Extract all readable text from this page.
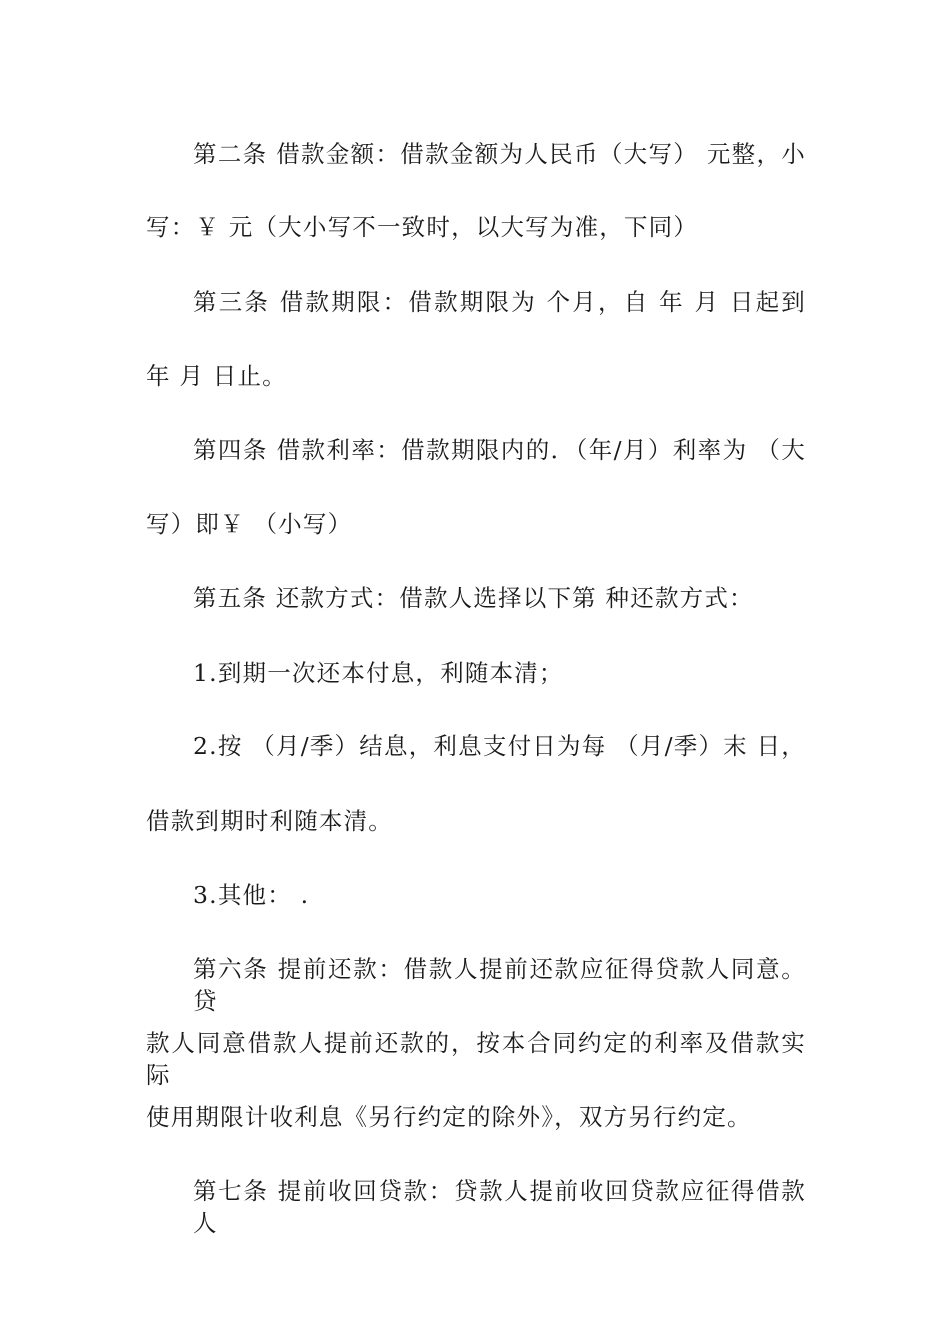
第二条 借款金额：借款金额为人民币（大写） 元整，小
写：￥ 元（大小写不一致时，以大写为准，下同）
第三条 借款期限：借款期限为 个月，自 年 月 日起到
年 月 日止。
第四条 借款利率：借款期限内的．（年/月）利率为 （大
写）即￥ （小写）
第五条 还款方式：借款人选择以下第 种还款方式：
1.到期一次还本付息，利随本清；
2.按 （月/季）结息，利息支付日为每 （月/季）末 日，
借款到期时利随本清。
3.其他： .
第六条 提前还款：借款人提前还款应征得贷款人同意。贷
款人同意借款人提前还款的，按本合同约定的利率及借款实际
使用期限计收利息《另行约定的除外》，双方另行约定。
第七条 提前收回贷款：贷款人提前收回贷款应征得借款人
